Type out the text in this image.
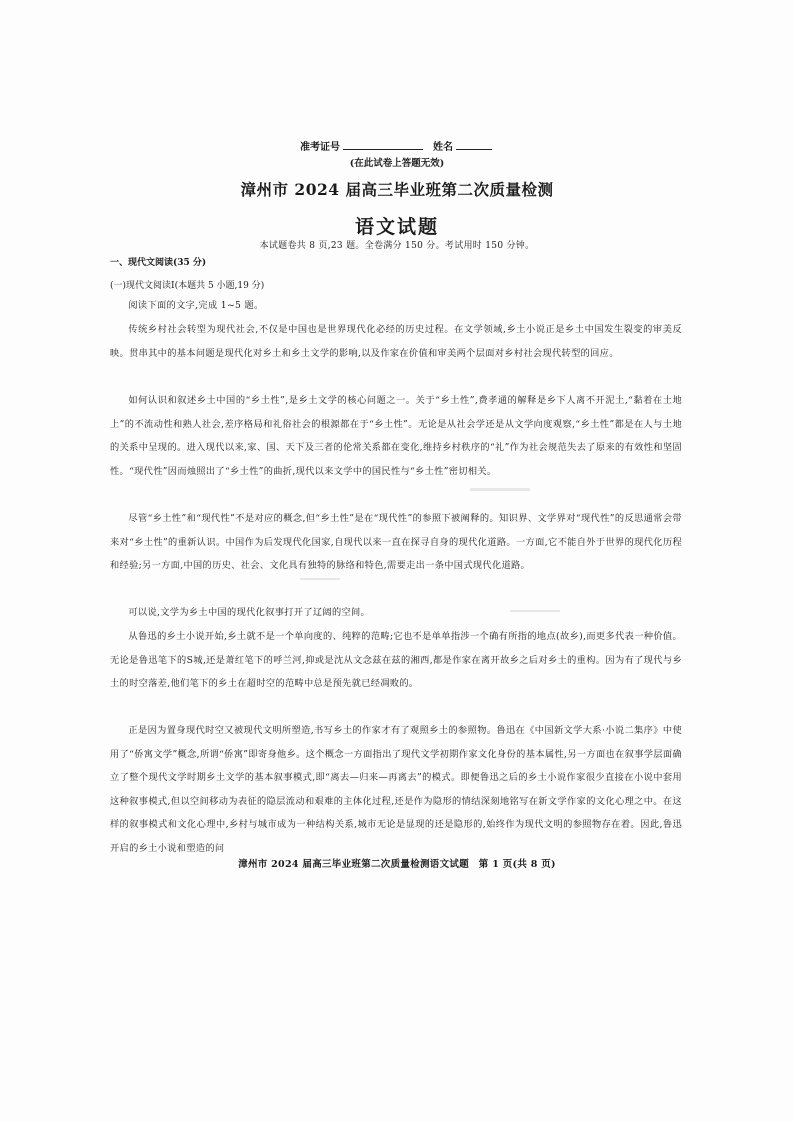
准考证号	姓名
(在此试卷上答题无效)
漳州市 2024 届高三毕业班第二次质量检测
语文试题
本试题卷共 8 页,23 题。全卷满分 150 分。考试用时 150 分钟。
一、现代文阅读(35 分)
(一)现代文阅读Ⅰ(本题共 5 小题,19 分)
阅读下面的文字,完成 1~5 题。
传统乡村社会转型为现代社会,不仅是中国也是世界现代化必经的历史过程。在文学领域,乡土小说正是乡土中国发生裂变的审美反映。贯串其中的基本问题是现代化对乡土和乡土文学的影响,以及作家在价值和审美两个层面对乡村社会现代转型的回应。
如何认识和叙述乡土中国的“乡土性”,是乡土文学的核心问题之一。关于“乡土性”,费孝通的解释是乡下人离不开泥土,“黏着在土地上”的不流动性和熟人社会,差序格局和礼俗社会的根源都在于“乡土性”。无论是从社会学还是从文学向度观察,“乡土性”都是在人与土地的关系中呈现的。进入现代以来,家、国、天下及三者的伦常关系都在变化,维持乡村秩序的“礼”作为社会规范失去了原来的有效性和坚固性。“现代性”因而烛照出了“乡土性”的曲折,现代以来文学中的国民性与“乡土性”密切相关。
尽管“乡土性”和“现代性”不是对应的概念,但“乡土性”是在“现代性”的参照下被阐释的。知识界、文学界对“现代性”的反思通常会带来对“乡土性”的重新认识。中国作为后发现代化国家,自现代以来一直在探寻自身的现代化道路。一方面,它不能自外于世界的现代化历程和经验;另一方面,中国的历史、社会、文化具有独特的脉络和特色,需要走出一条中国式现代化道路。
可以说,文学为乡土中国的现代化叙事打开了辽阔的空间。
从鲁迅的乡土小说开始,乡土就不是一个单向度的、纯粹的范畴;它也不是单单指涉一个确有所指的地点(故乡),而更多代表一种价值。无论是鲁迅笔下的S城,还是萧红笔下的呼兰河,抑或是沈从文念兹在兹的湘西,都是作家在离开故乡之后对乡土的重构。因为有了现代与乡土的时空落差,他们笔下的乡土在超时空的范畴中总是预先就已经凋败的。
正是因为置身现代时空又被现代文明所塑造,书写乡土的作家才有了观照乡土的参照物。鲁迅在《中国新文学大系·小说二集序》中使用了“侨寓文学”概念,所谓“侨寓”即寄身他乡。这个概念一方面指出了现代文学初期作家文化身份的基本属性,另一方面也在叙事学层面确立了整个现代文学时期乡土文学的基本叙事模式,即“离去—归来—再离去”的模式。即便鲁迅之后的乡土小说作家很少直接在小说中套用这种叙事模式,但以空间移动为表征的隐层流动和艰难的主体化过程,还是作为隐形的情结深刻地铭写在新文学作家的文化心理之中。在这样的叙事模式和文化心理中,乡村与城市成为一种结构关系,城市无论是显现的还是隐形的,始终作为现代文明的参照物存在着。因此,鲁迅开启的乡土小说和塑造的问
漳州市 2024 届高三毕业班第二次质量检测语文试题　第 1 页(共 8 页)
